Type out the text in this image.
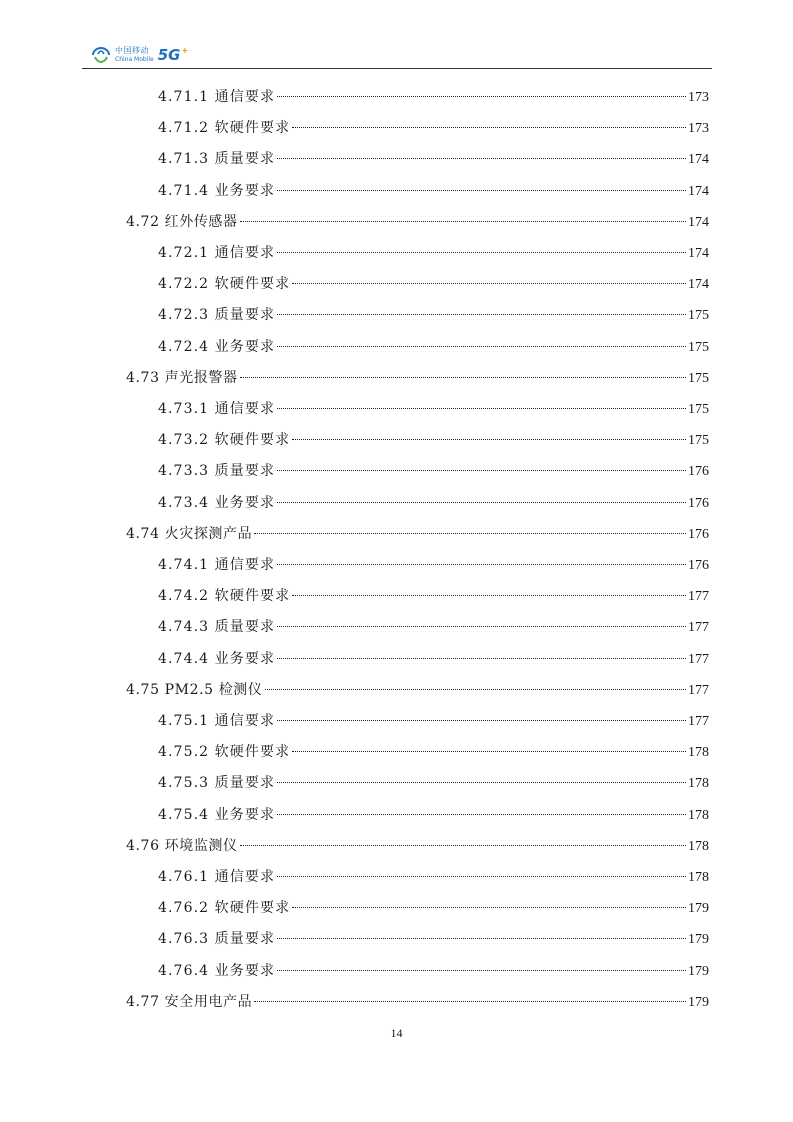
中国移动
China Mobile 5G+
4.71.1 通信要求	173
4.71.2 软硬件要求	173
4.71.3 质量要求	174
4.71.4 业务要求	174
4.72 红外传感器	174
4.72.1 通信要求	174
4.72.2 软硬件要求	174
4.72.3 质量要求	175
4.72.4 业务要求	175
4.73 声光报警器	175
4.73.1 通信要求	175
4.73.2 软硬件要求	175
4.73.3 质量要求	176
4.73.4 业务要求	176
4.74 火灾探测产品	176
4.74.1 通信要求	176
4.74.2 软硬件要求	177
4.74.3 质量要求	177
4.74.4 业务要求	177
4.75 PM2.5 检测仪	177
4.75.1 通信要求	177
4.75.2 软硬件要求	178
4.75.3 质量要求	178
4.75.4 业务要求	178
4.76 环境监测仪	178
4.76.1 通信要求	178
4.76.2 软硬件要求	179
4.76.3 质量要求	179
4.76.4 业务要求	179
4.77 安全用电产品	179
14
